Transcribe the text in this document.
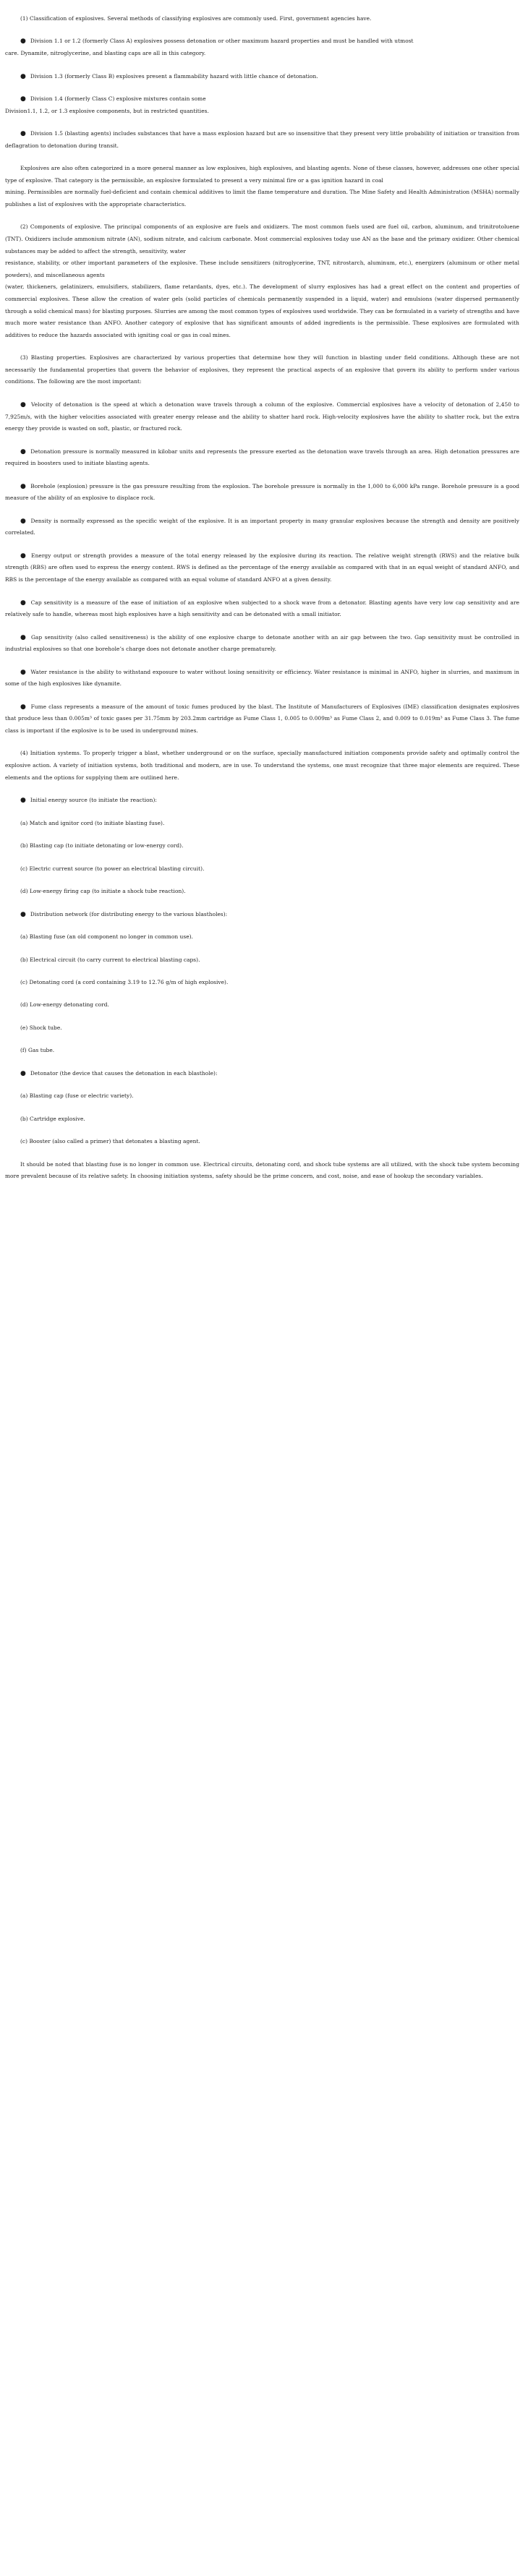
(1) Classification of explosives. Several methods of classifying explosives are commonly used. First, government agencies have.

● Division 1.1 or 1.2 (formerly Class A) explosives possess detonation or other maximum hazard properties and must be handled with utmost
care. Dynamite, nitroglycerine, and blasting caps are all in this category.

● Division 1.3 (formerly Class B) explosives present a flammability hazard with little chance of detonation.

● Division 1.4 (formerly Class C) explosive mixtures contain some
Division1.1, 1.2, or 1.3 explosive components, but in restricted quantities.

● Division 1.5 (blasting agents) includes substances that have a mass explosion hazard but are so insensitive that they present very little probability of initiation or transition from deflagration to detonation during transit.

Explosives are also often categorized in a more general manner as low explosives, high explosives, and blasting agents. None of these classes, however, addresses one other special type of explosive. That category is the permissible, an explosive formulated to present a very minimal fire or a gas ignition hazard in coal
mining. Permissibles are normally fuel-deficient and contain chemical additives to limit the flame temperature and duration. The Mine Safety and Health Administration (MSHA) normally publishes a list of explosives with the appropriate characteristics.

(2) Components of explosive. The principal components of an explosive are fuels and oxidizers. The most common fuels used are fuel oil, carbon, aluminum, and trinitrotoluene (TNT). Oxidizers include ammonium nitrate (AN), sodium nitrate, and calcium carbonate. Most commercial explosives today use AN as the base and the primary oxidizer. Other chemical substances may be added to affect the strength, sensitivity, water
resistance, stability, or other important parameters of the explosive. These include sensitizers (nitroglycerine, TNT, nitrostarch, aluminum, etc.), energizers (aluminum or other metal powders), and miscellaneous agents
(water, thickeners, gelatinizers, emulsifiers, stabilizers, flame retardants, dyes, etc.). The development of slurry explosives has had a great effect on the content and properties of commercial explosives. These allow the creation of water gels (solid particles of chemicals permanently suspended in a liquid, water) and emulsions (water dispersed permanently through a solid chemical mass) for blasting purposes. Slurries are among the most common types of explosives used worldwide. They can be formulated in a variety of strengths and have much more water resistance than ANFO. Another category of explosive that has significant amounts of added ingredients is the permissible. These explosives are formulated with additives to reduce the hazards associated with igniting coal or gas in coal mines.

(3) Blasting properties. Explosives are characterized by various properties that determine how they will function in blasting under field conditions. Although these are not necessarily the fundamental properties that govern the behavior of explosives, they represent the practical aspects of an explosive that govern its ability to perform under various conditions. The following are the most important:

● Velocity of detonation is the speed at which a detonation wave travels through a column of the explosive. Commercial explosives have a velocity of detonation of 2,450 to 7,925m/s, with the higher velocities associated with greater energy release and the ability to shatter hard rock. High-velocity explosives have the ability to shatter rock, but the extra energy they provide is wasted on soft, plastic, or fractured rock.

● Detonation pressure is normally measured in kilobar units and represents the pressure exerted as the detonation wave travels through an area. High detonation pressures are required in boosters used to initiate blasting agents.

● Borehole (explosion) pressure is the gas pressure resulting from the explosion. The borehole pressure is normally in the 1,000 to 6,000 kPa range. Borehole pressure is a good measure of the ability of an explosive to displace rock.

● Density is normally expressed as the specific weight of the explosive. It is an important property in many granular explosives because the strength and density are positively correlated.

● Energy output or strength provides a measure of the total energy released by the explosive during its reaction. The relative weight strength (RWS) and the relative bulk strength (RBS) are often used to express the energy content. RWS is defined as the percentage of the energy available as compared with that in an equal weight of standard ANFO, and RBS is the percentage of the energy available as compared with an equal volume of standard ANFO at a given density.

● Cap sensitivity is a measure of the ease of initiation of an explosive when subjected to a shock wave from a detonator. Blasting agents have very low cap sensitivity and are relatively safe to handle, whereas most high explosives have a high sensitivity and can be detonated with a small initiator.

● Gap sensitivity (also called sensitiveness) is the ability of one explosive charge to detonate another with an air gap between the two. Gap sensitivity must be controlled in industrial explosives so that one borehole’s charge does not detonate another charge prematurely.

● Water resistance is the ability to withstand exposure to water without losing sensitivity or efficiency. Water resistance is minimal in ANFO, higher in slurries, and maximum in some of the high explosives like dynamite.

● Fume class represents a measure of the amount of toxic fumes produced by the blast. The Institute of Manufacturers of Explosives (IME) classification designates explosives that produce less than 0.005m³ of toxic gases per 31.75mm by 203.2mm cartridge as Fume Class 1, 0.005 to 0.009m³ as Fume Class 2, and 0.009 to 0.019m³ as Fume Class 3. The fume class is important if the explosive is to be used in underground mines.

(4) Initiation systems. To properly trigger a blast, whether underground or on the surface, specially manufactured initiation components provide safety and optimally control the explosive action. A variety of initiation systems, both traditional and modern, are in use. To understand the systems, one must recognize that three major elements are required. These elements and the options for supplying them are outlined here.

● Initial energy source (to initiate the reaction):

(a) Match and ignitor cord (to initiate blasting fuse).

(b) Blasting cap (to initiate detonating or low-energy cord).

(c) Electric current source (to power an electrical blasting circuit).

(d) Low-energy firing cap (to initiate a shock tube reaction).

● Distribution network (for distributing energy to the various blastholes):

(a) Blasting fuse (an old component no longer in common use).

(b) Electrical circuit (to carry current to electrical blasting caps).

(c) Detonating cord (a cord containing 3.19 to 12.76 g/m of high explosive).

(d) Low-energy detonating cord.

(e) Shock tube.

(f) Gas tube.

● Detonator (the device that causes the detonation in each blasthole):

(a) Blasting cap (fuse or electric variety).

(b) Cartridge explosive.

(c) Booster (also called a primer) that detonates a blasting agent.

It should be noted that blasting fuse is no longer in common use. Electrical circuits, detonating cord, and shock tube systems are all utilized, with the shock tube system becoming more prevalent because of its relative safety. In choosing initiation systems, safety should be the prime concern, and cost, noise, and ease of hookup the secondary variables.
